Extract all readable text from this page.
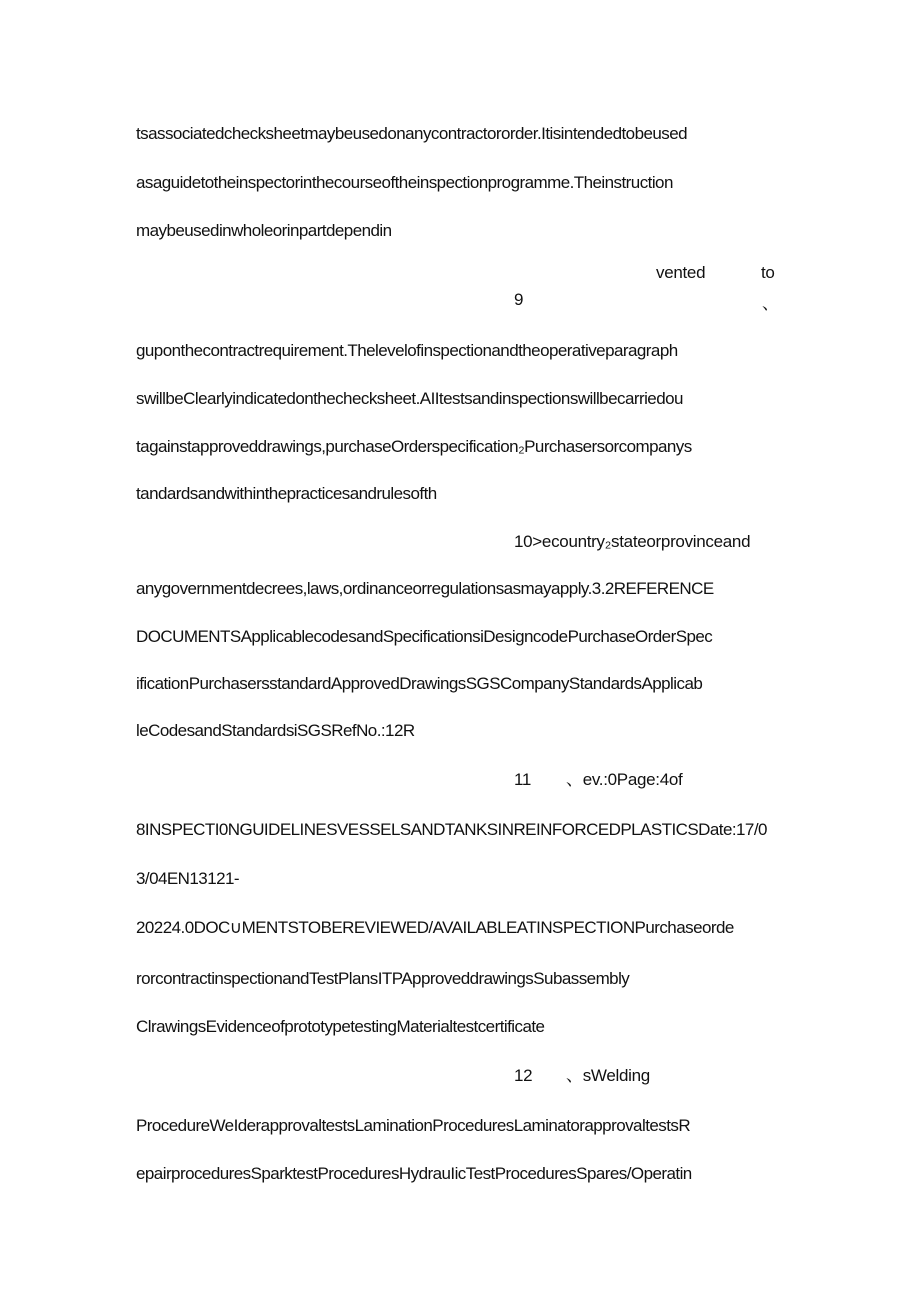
tsassociatedchecksheetmaybeusedonanycontractororder.Itisintendedtobeused
asaguidetotheinspectorinthecourseoftheinspectionprogramme.Theinstruction
maybeusedinwholeorinpartdependin
vented	to
9	、
guponthecontractrequirement.Thelevelofinspectionandtheoperativeparagraph
swillbeClearlyindicatedonthechecksheet.AIItestsandinspectionswillbecarriedou
tagainstapproveddrawings,purchaseOrderspecification₂Purchasersorcompanys
tandardsandwithinthepracticesandrulesofth
10>ecountry₂stateorprovinceand
anygovernmentdecrees,laws,ordinanceorregulationsasmayapply.3.2REFERENCE
DOCUMENTSApplicablecodesandSpecificationsiDesigncodePurchaseOrderSpec
ificationPurchasersstandardApprovedDrawingsSGSCompanyStandardsApplicab
leCodesandStandardsiSGSRefNo.:12R
11 、ev.:0Page:4of
8INSPECTI0NGUIDELINESVESSELSANDTANKSINREINFORCEDPLASTICSDate:17/0
3/04EN13121-
20224.0DOC∪MENTSTOBEREVIEWED/AVAILABLEATINSPECTIONPurchaseorde
rorcontractinspectionandTestPlansITPApproveddrawingsSubassembly
ClrawingsEvidenceofprototypetestingMaterialtestcertificate
12 、sWelding
ProcedureWeIderapprovaltestsLaminationProceduresLaminatorapprovaltestsR
epairproceduresSparktestProceduresHydrauIicTestProceduresSpares/Operatin
